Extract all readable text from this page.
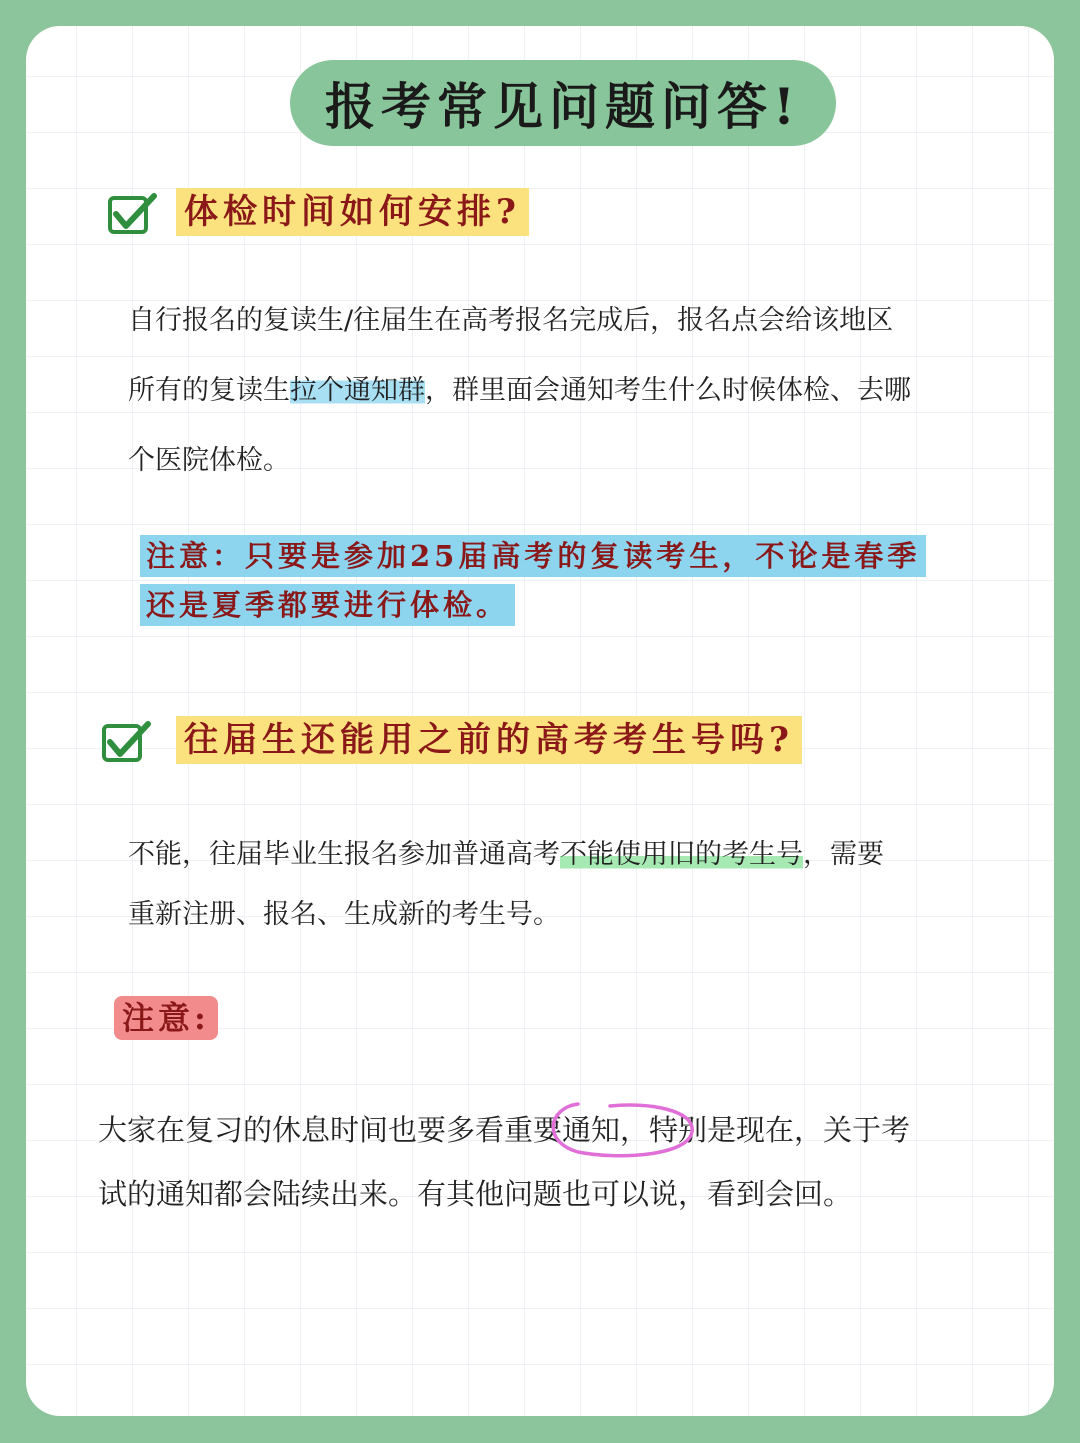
报考常见问题问答!
体检时间如何安排?
自行报名的复读生/往届生在高考报名完成后，报名点会给该地区
所有的复读生拉个通知群，群里面会通知考生什么时候体检、去哪
个医院体检。
注意：只要是参加25届高考的复读考生，不论是春季
还是夏季都要进行体检。
往届生还能用之前的高考考生号吗?
不能，往届毕业生报名参加普通高考不能使用旧的考生号，需要
重新注册、报名、生成新的考生号。
注意:
大家在复习的休息时间也要多看重要通知，特别是现在，关于考
试的通知都会陆续出来。有其他问题也可以说，看到会回。
